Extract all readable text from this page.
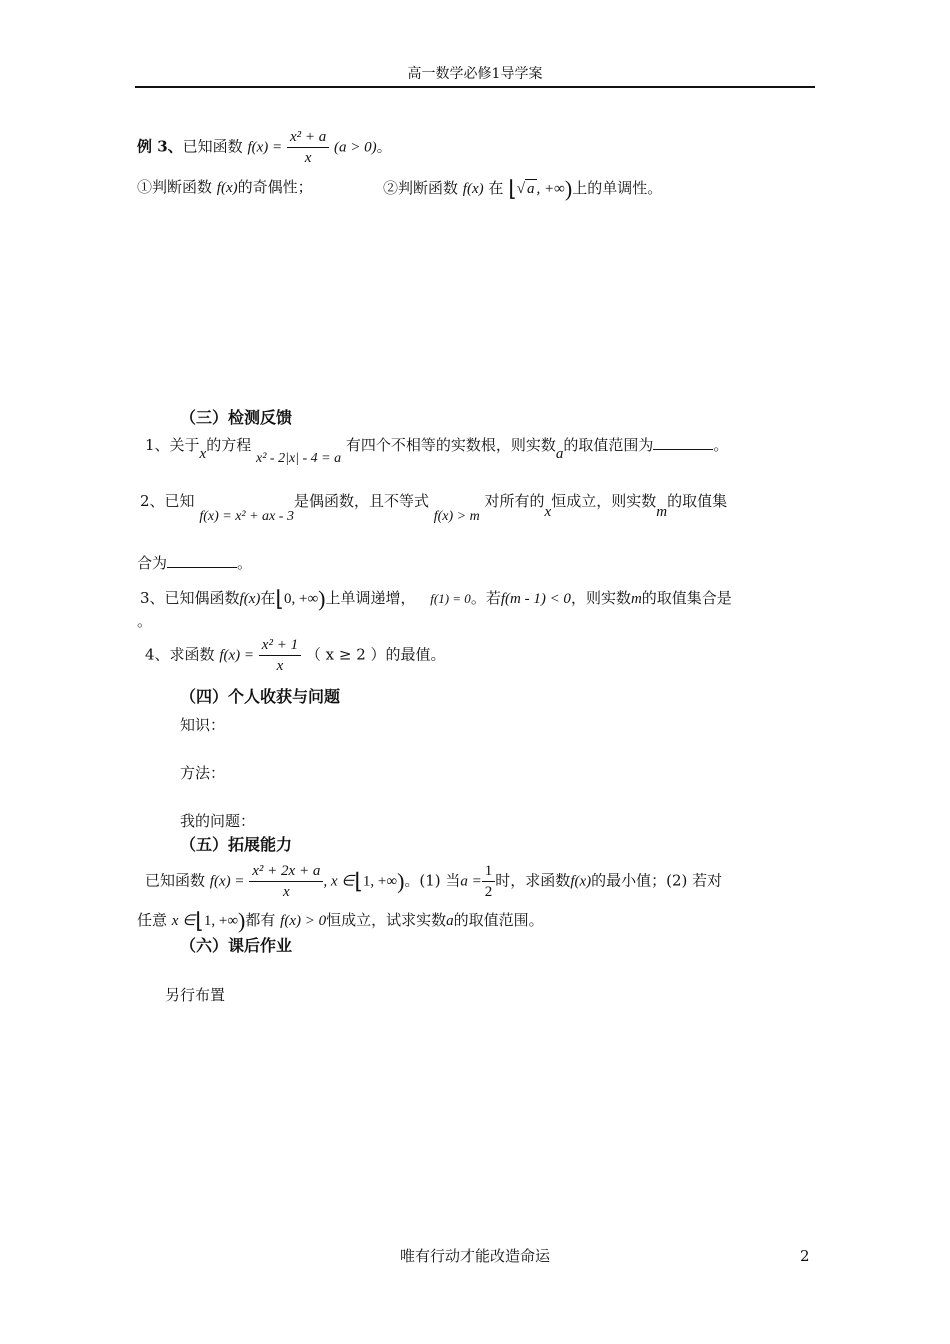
高一数学必修1导学案
例 3、已知函数 $f(x) = \frac{\text{x² + a}}{x} (a > 0)$。
①判断函数 f(x)的奇偶性；	②判断函数 f(x) 在 ⌊√ a , +∞)上的单调性。
（三）检测反馈
1、关于x的方程 x² - 2|x| - 4 = a 有四个不相等的实数根，则实数a的取值范围为	。
2、已知 f(x) = x² + ax - 3是偶函数，且不等式 f(x) > m 对所有的x恒成立，则实数m的取值集
合为	。
3、已知偶函数f(x)在⌊0, +∞)上单调递增， f(1) = 0。若f(m - 1) < 0，则实数m的取值集合是
。
4、求函数 $f(x) = \frac{\text{x² + 1}}{x}$ （ x ≥ 2 ）的最值。
（四）个人收获与问题
知识：
方法：
我的问题：
（五）拓展能力
已知函数 $f(x) = \frac{\text{x² + 2x + a}}{x}$ , x ∈⌊1, +∞)。(1) 当$a = \frac{1}{2}$ 时，求函数f(x)的最小值；(2) 若对
任意 x ∈⌊1, +∞)都有 f(x) > 0恒成立，试求实数a的取值范围。
（六）课后作业
另行布置
唯有行动才能改造命运	2
